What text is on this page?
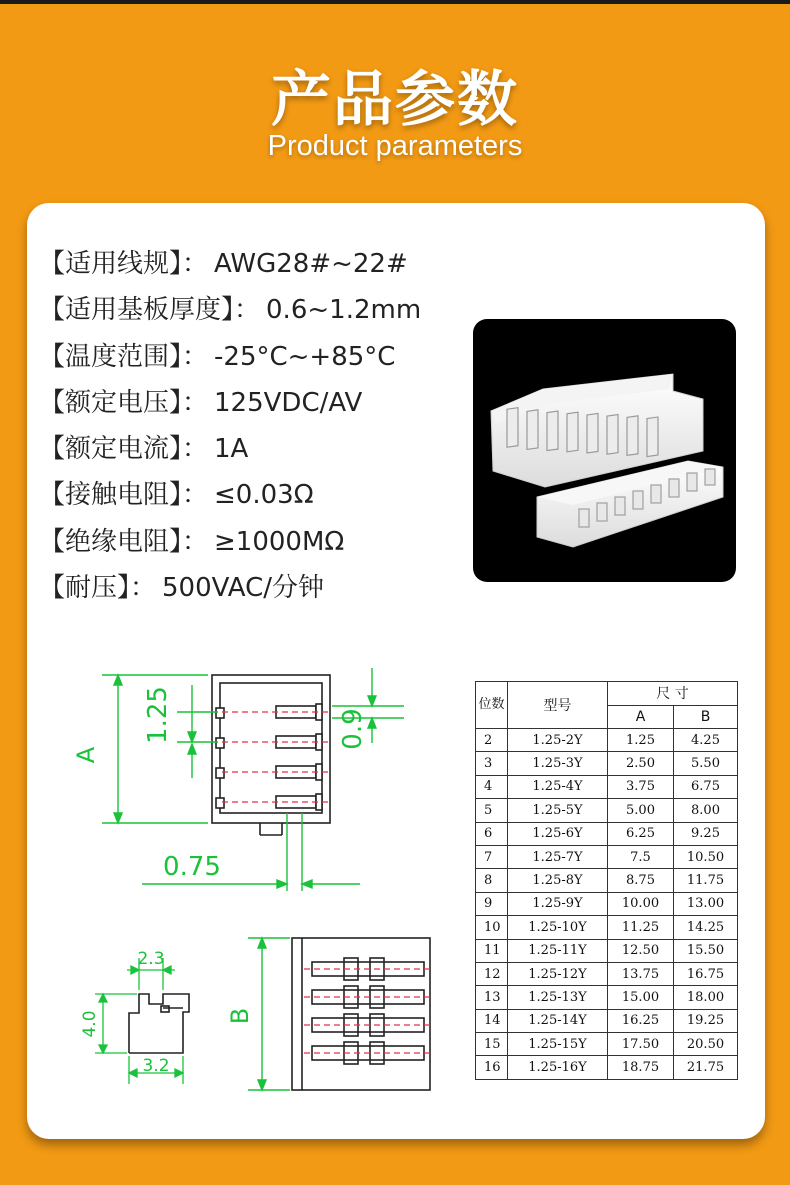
产品参数
Product parameters
【适用线规】： AWG28#~22#
【适用基板厚度】： 0.6~1.2mm
【温度范围】： -25°C~+85°C
【额定电压】： 125VDC/AV
【额定电流】： 1A
【接触电阻】： ≤0.03Ω
【绝缘电阻】： ≥1000MΩ
【耐压】： 500VAC/分钟
A
1.25	0.9
0.75
2.3
4.0
3.2
B
位数	型号	尺 寸	
		A	B
2	1.25-2Y	1.25	4.25
3	1.25-3Y	2.50	5.50
4	1.25-4Y	3.75	6.75
5	1.25-5Y	5.00	8.00
6	1.25-6Y	6.25	9.25
7	1.25-7Y	7.5	10.50
8	1.25-8Y	8.75	11.75
9	1.25-9Y	10.00	13.00
10	1.25-10Y	11.25	14.25
11	1.25-11Y	12.50	15.50
12	1.25-12Y	13.75	16.75
13	1.25-13Y	15.00	18.00
14	1.25-14Y	16.25	19.25
15	1.25-15Y	17.50	20.50
16	1.25-16Y	18.75	21.75
